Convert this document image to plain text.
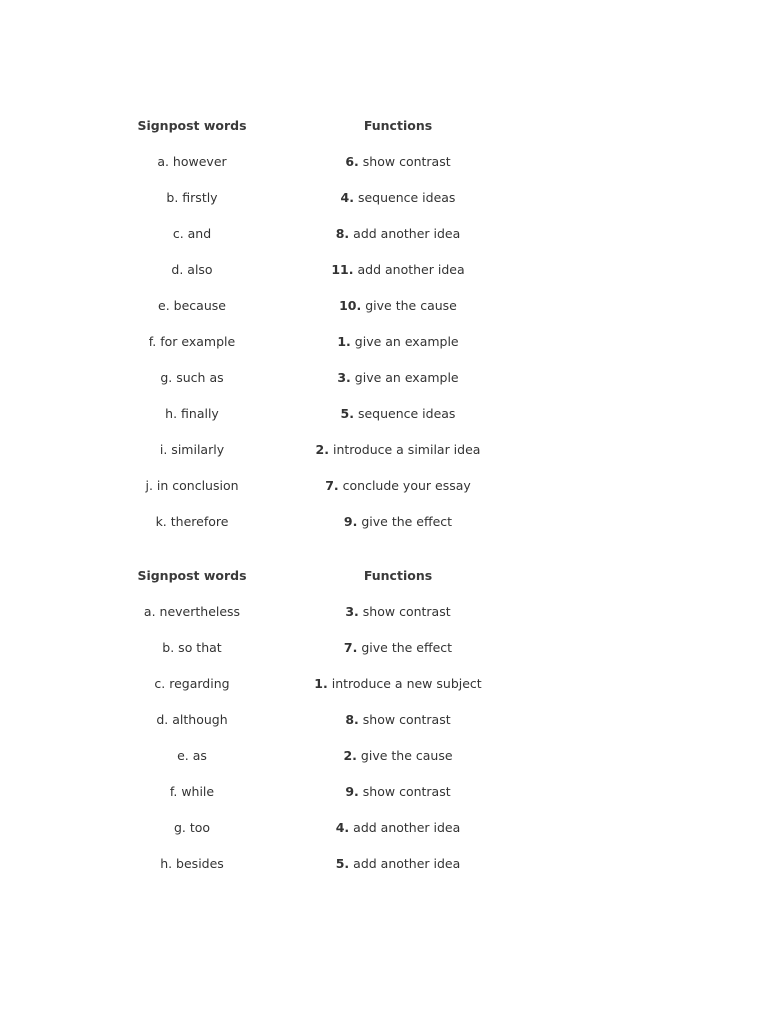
Signpost words	Functions
a. however	6. show contrast
b. firstly	4. sequence ideas
c. and	8. add another idea
d. also	11. add another idea
e. because	10. give the cause
f. for example	1. give an example
g. such as	3. give an example
h. finally	5. sequence ideas
i. similarly	2. introduce a similar idea
j. in conclusion	7. conclude your essay
k. therefore	9. give the effect
Signpost words	Functions
a. nevertheless	3. show contrast
b. so that	7. give the effect
c. regarding	1. introduce a new subject
d. although	8. show contrast
e. as	2. give the cause
f. while	9. show contrast
g. too	4. add another idea
h. besides	5. add another idea
